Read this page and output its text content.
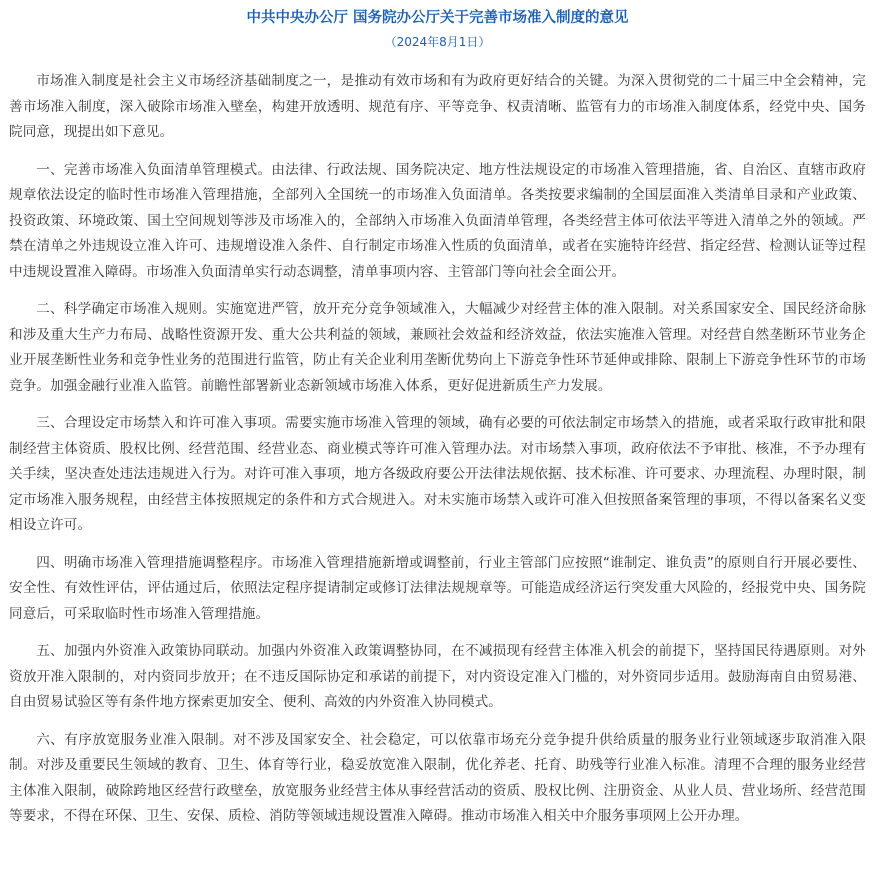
中共中央办公厅 国务院办公厅关于完善市场准入制度的意见
（2024年8月1日）

市场准入制度是社会主义市场经济基础制度之一，是推动有效市场和有为政府更好结合的关键。为深入贯彻党的二十届三中全会精神，完善市场准入制度，深入破除市场准入壁垒，构建开放透明、规范有序、平等竞争、权责清晰、监管有力的市场准入制度体系，经党中央、国务院同意，现提出如下意见。

一、完善市场准入负面清单管理模式。由法律、行政法规、国务院决定、地方性法规设定的市场准入管理措施，省、自治区、直辖市政府规章依法设定的临时性市场准入管理措施，全部列入全国统一的市场准入负面清单。各类按要求编制的全国层面准入类清单目录和产业政策、投资政策、环境政策、国土空间规划等涉及市场准入的，全部纳入市场准入负面清单管理，各类经营主体可依法平等进入清单之外的领域。严禁在清单之外违规设立准入许可、违规增设准入条件、自行制定市场准入性质的负面清单，或者在实施特许经营、指定经营、检测认证等过程中违规设置准入障碍。市场准入负面清单实行动态调整，清单事项内容、主管部门等向社会全面公开。

二、科学确定市场准入规则。实施宽进严管，放开充分竞争领域准入，大幅减少对经营主体的准入限制。对关系国家安全、国民经济命脉和涉及重大生产力布局、战略性资源开发、重大公共利益的领域，兼顾社会效益和经济效益，依法实施准入管理。对经营自然垄断环节业务企业开展垄断性业务和竞争性业务的范围进行监管，防止有关企业利用垄断优势向上下游竞争性环节延伸或排除、限制上下游竞争性环节的市场竞争。加强金融行业准入监管。前瞻性部署新业态新领域市场准入体系，更好促进新质生产力发展。

三、合理设定市场禁入和许可准入事项。需要实施市场准入管理的领域，确有必要的可依法制定市场禁入的措施，或者采取行政审批和限制经营主体资质、股权比例、经营范围、经营业态、商业模式等许可准入管理办法。对市场禁入事项，政府依法不予审批、核准，不予办理有关手续，坚决查处违法违规进入行为。对许可准入事项，地方各级政府要公开法律法规依据、技术标准、许可要求、办理流程、办理时限，制定市场准入服务规程，由经营主体按照规定的条件和方式合规进入。对未实施市场禁入或许可准入但按照备案管理的事项，不得以备案名义变相设立许可。

四、明确市场准入管理措施调整程序。市场准入管理措施新增或调整前，行业主管部门应按照“谁制定、谁负责”的原则自行开展必要性、安全性、有效性评估，评估通过后，依照法定程序提请制定或修订法律法规规章等。可能造成经济运行突发重大风险的，经报党中央、国务院同意后，可采取临时性市场准入管理措施。

五、加强内外资准入政策协同联动。加强内外资准入政策调整协同，在不减损现有经营主体准入机会的前提下，坚持国民待遇原则。对外资放开准入限制的，对内资同步放开；在不违反国际协定和承诺的前提下，对内资设定准入门槛的，对外资同步适用。鼓励海南自由贸易港、自由贸易试验区等有条件地方探索更加安全、便利、高效的内外资准入协同模式。

六、有序放宽服务业准入限制。对不涉及国家安全、社会稳定，可以依靠市场充分竞争提升供给质量的服务业行业领域逐步取消准入限制。对涉及重要民生领域的教育、卫生、体育等行业，稳妥放宽准入限制，优化养老、托育、助残等行业准入标准。清理不合理的服务业经营主体准入限制，破除跨地区经营行政壁垒，放宽服务业经营主体从事经营活动的资质、股权比例、注册资金、从业人员、营业场所、经营范围等要求，不得在环保、卫生、安保、质检、消防等领域违规设置准入障碍。推动市场准入相关中介服务事项网上公开办理。
